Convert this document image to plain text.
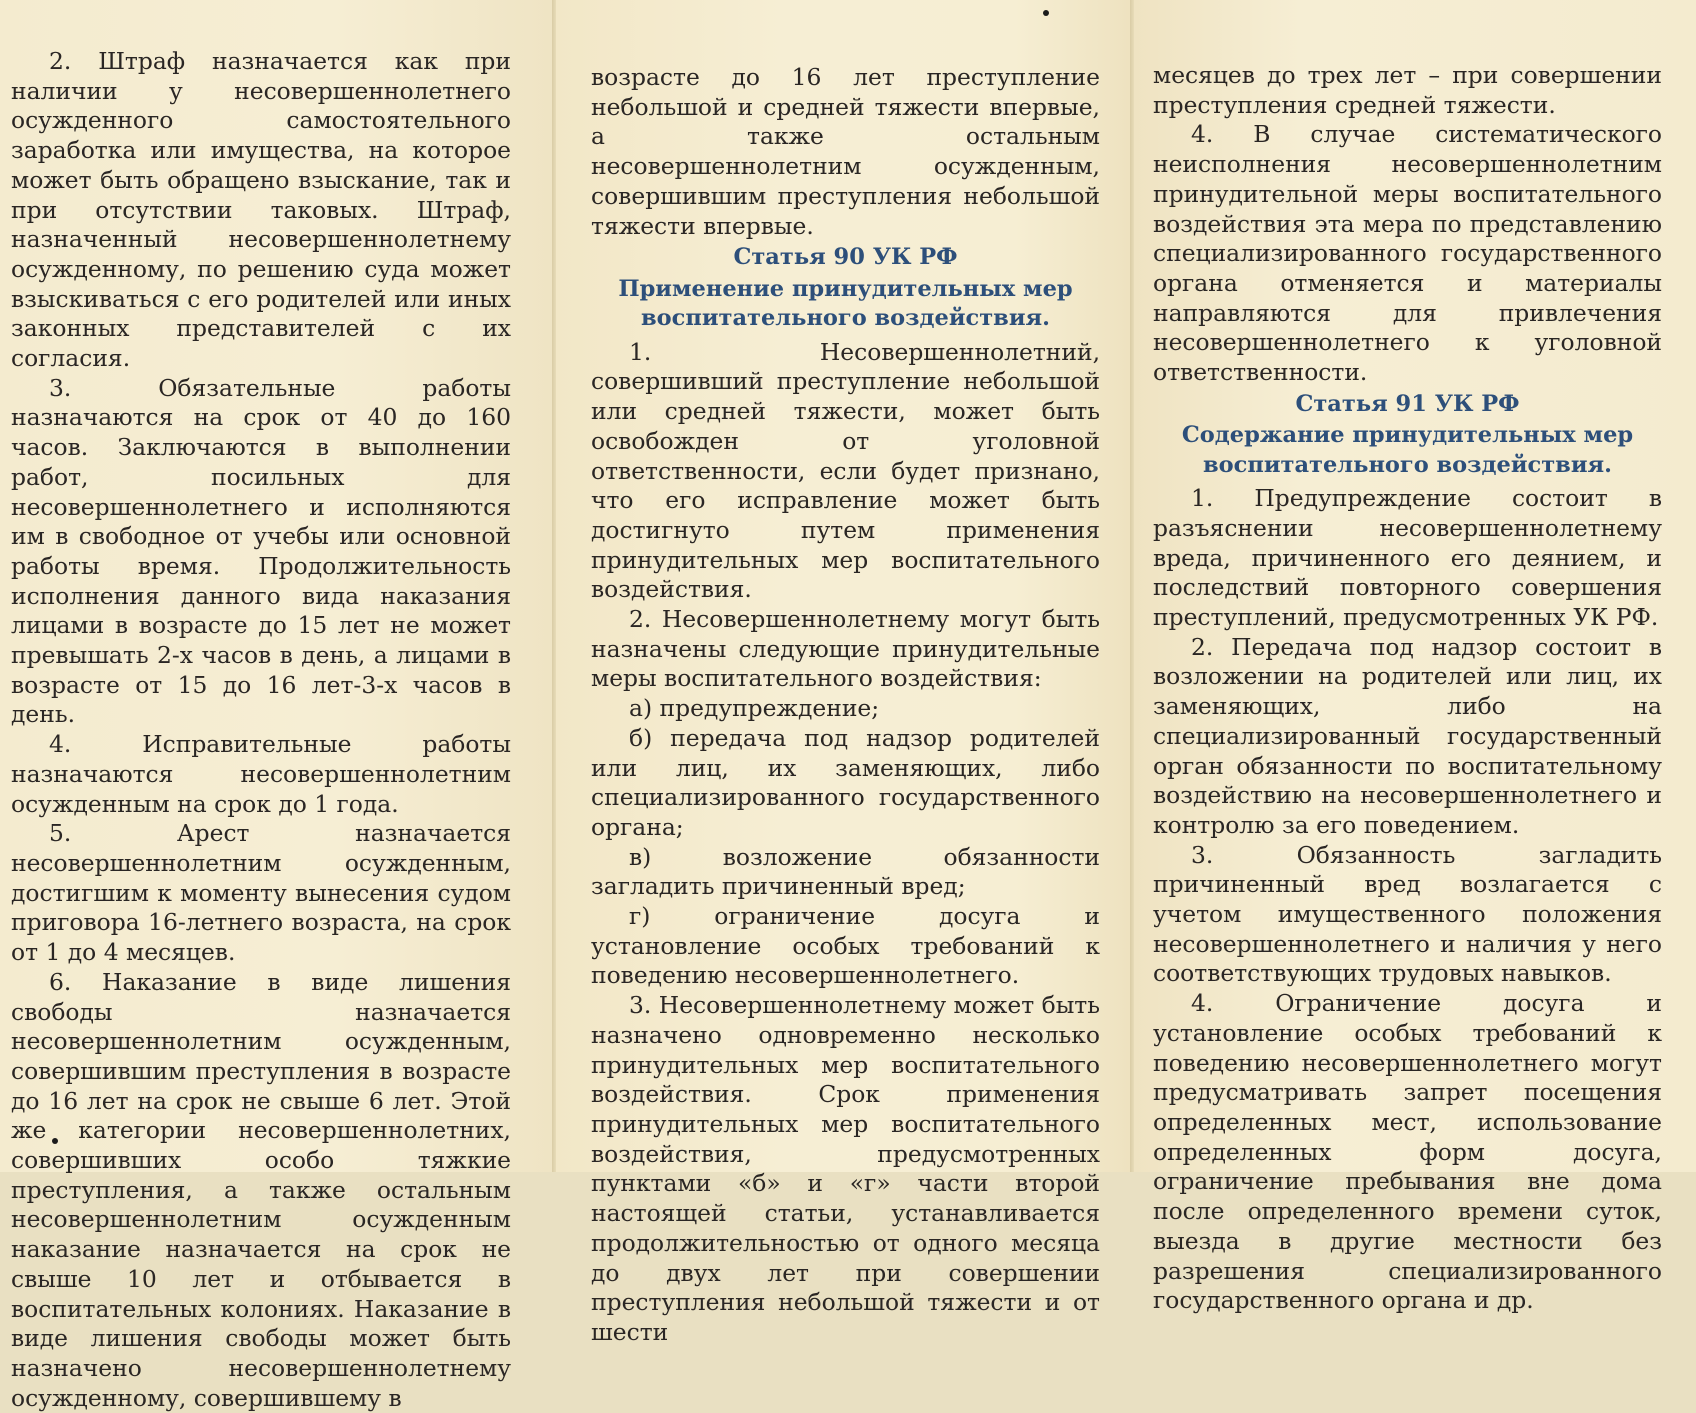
2. Штраф назначается как при наличии у несовершеннолетнего осужденного самостоятельного заработка или имущества, на которое может быть обращено взыскание, так и при отсутствии таковых. Штраф, назначенный несовершеннолетнему осужденному, по решению суда может взыскиваться с его родителей или иных законных представителей с их согласия.

3. Обязательные работы назначаются на срок от 40 до 160 часов. Заключаются в выполнении работ, посильных для несовершеннолетнего и исполняются им в свободное от учебы или основной работы время. Продолжительность исполнения данного вида наказания лицами в возрасте до 15 лет не может превышать 2-х часов в день, а лицами в возрасте от 15 до 16 лет-3-х часов в день.

4. Исправительные работы назначаются несовершеннолетним осужденным на срок до 1 года.

5. Арест назначается несовершеннолетним осужденным, достигшим к моменту вынесения судом приговора 16-летнего возраста, на срок от 1 до 4 месяцев.

6. Наказание в виде лишения свободы назначается несовершеннолетним осужденным, совершившим преступления в возрасте до 16 лет на срок не свыше 6 лет. Этой же категории несовершеннолетних, совершивших особо тяжкие преступления, а также остальным несовершеннолетним осужденным наказание назначается на срок не свыше 10 лет и отбывается в воспитательных колониях. Наказание в виде лишения свободы может быть назначено несовершеннолетнему осужденному, совершившему в

возрасте до 16 лет преступление небольшой и средней тяжести впервые, а также остальным несовершеннолетним осужденным, совершившим преступления небольшой тяжести впервые.

Статья 90 УК РФ

Применение принудительных мер воспитательного воздействия.

1. Несовершеннолетний, совершивший преступление небольшой или средней тяжести, может быть освобожден от уголовной ответственности, если будет признано, что его исправление может быть достигнуто путем применения принудительных мер воспитательного воздействия.

2. Несовершеннолетнему могут быть назначены следующие принудительные меры воспитательного воздействия:

а) предупреждение;

б) передача под надзор родителей или лиц, их заменяющих, либо специализированного государственного органа;

в) возложение обязанности загладить причиненный вред;

г) ограничение досуга и установление особых требований к поведению несовершеннолетнего.

3. Несовершеннолетнему может быть назначено одновременно несколько принудительных мер воспитательного воздействия. Срок применения принудительных мер воспитательного воздействия, предусмотренных пунктами «б» и «г» части второй настоящей статьи, устанавливается продолжительностью от одного месяца до двух лет при совершении преступления небольшой тяжести и от шести

месяцев до трех лет – при совершении преступления средней тяжести.

4. В случае систематического неисполнения несовершеннолетним принудительной меры воспитательного воздействия эта мера по представлению специализированного государственного органа отменяется и материалы направляются для привлечения несовершеннолетнего к уголовной ответственности.

Статья 91 УК РФ

Содержание принудительных мер воспитательного воздействия.

1. Предупреждение состоит в разъяснении несовершеннолетнему вреда, причиненного его деянием, и последствий повторного совершения преступлений, предусмотренных УК РФ.

2. Передача под надзор состоит в возложении на родителей или лиц, их заменяющих, либо на специализированный государственный орган обязанности по воспитательному воздействию на несовершеннолетнего и контролю за его поведением.

3. Обязанность загладить причиненный вред возлагается с учетом имущественного положения несовершеннолетнего и наличия у него соответствующих трудовых навыков.

4. Ограничение досуга и установление особых требований к поведению несовершеннолетнего могут предусматривать запрет посещения определенных мест, использование определенных форм досуга, ограничение пребывания вне дома после определенного времени суток, выезда в другие местности без разрешения специализированного государственного органа и др.
